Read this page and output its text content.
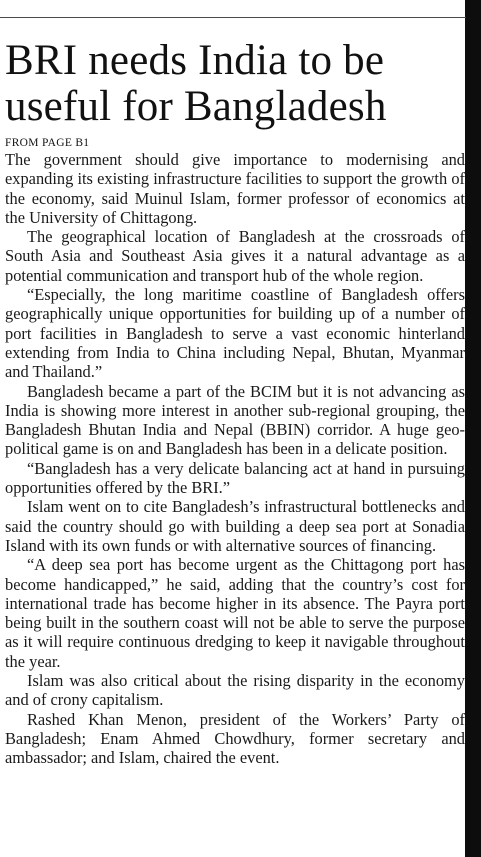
BRI needs India to be useful for Bangladesh
FROM PAGE B1

The government should give importance to modernising and expanding its existing infrastructure facilities to support the growth of the economy, said Muinul Islam, former professor of economics at the University of Chittagong.

The geographical location of Bangladesh at the crossroads of South Asia and Southeast Asia gives it a natural advantage as a potential communication and transport hub of the whole region.

“Especially, the long maritime coastline of Bangladesh offers geographically unique opportunities for building up of a number of port facilities in Bangladesh to serve a vast economic hinterland extending from India to China including Nepal, Bhutan, Myanmar and Thailand.”

Bangladesh became a part of the BCIM but it is not advancing as India is showing more interest in another sub-regional grouping, the Bangladesh Bhutan India and Nepal (BBIN) corridor. A huge geo-political game is on and Bangladesh has been in a delicate position.

“Bangladesh has a very delicate balancing act at hand in pursuing opportunities offered by the BRI.”

Islam went on to cite Bangladesh’s infrastructural bottlenecks and said the country should go with building a deep sea port at Sonadia Island with its own funds or with alternative sources of financing.

“A deep sea port has become urgent as the Chittagong port has become handicapped,” he said, adding that the country’s cost for international trade has become higher in its absence. The Payra port being built in the southern coast will not be able to serve the purpose as it will require continuous dredging to keep it navigable throughout the year.

Islam was also critical about the rising disparity in the economy and of crony capitalism.

Rashed Khan Menon, president of the Workers’ Party of Bangladesh; Enam Ahmed Chowdhury, former secretary and ambassador; and Islam, chaired the event.
